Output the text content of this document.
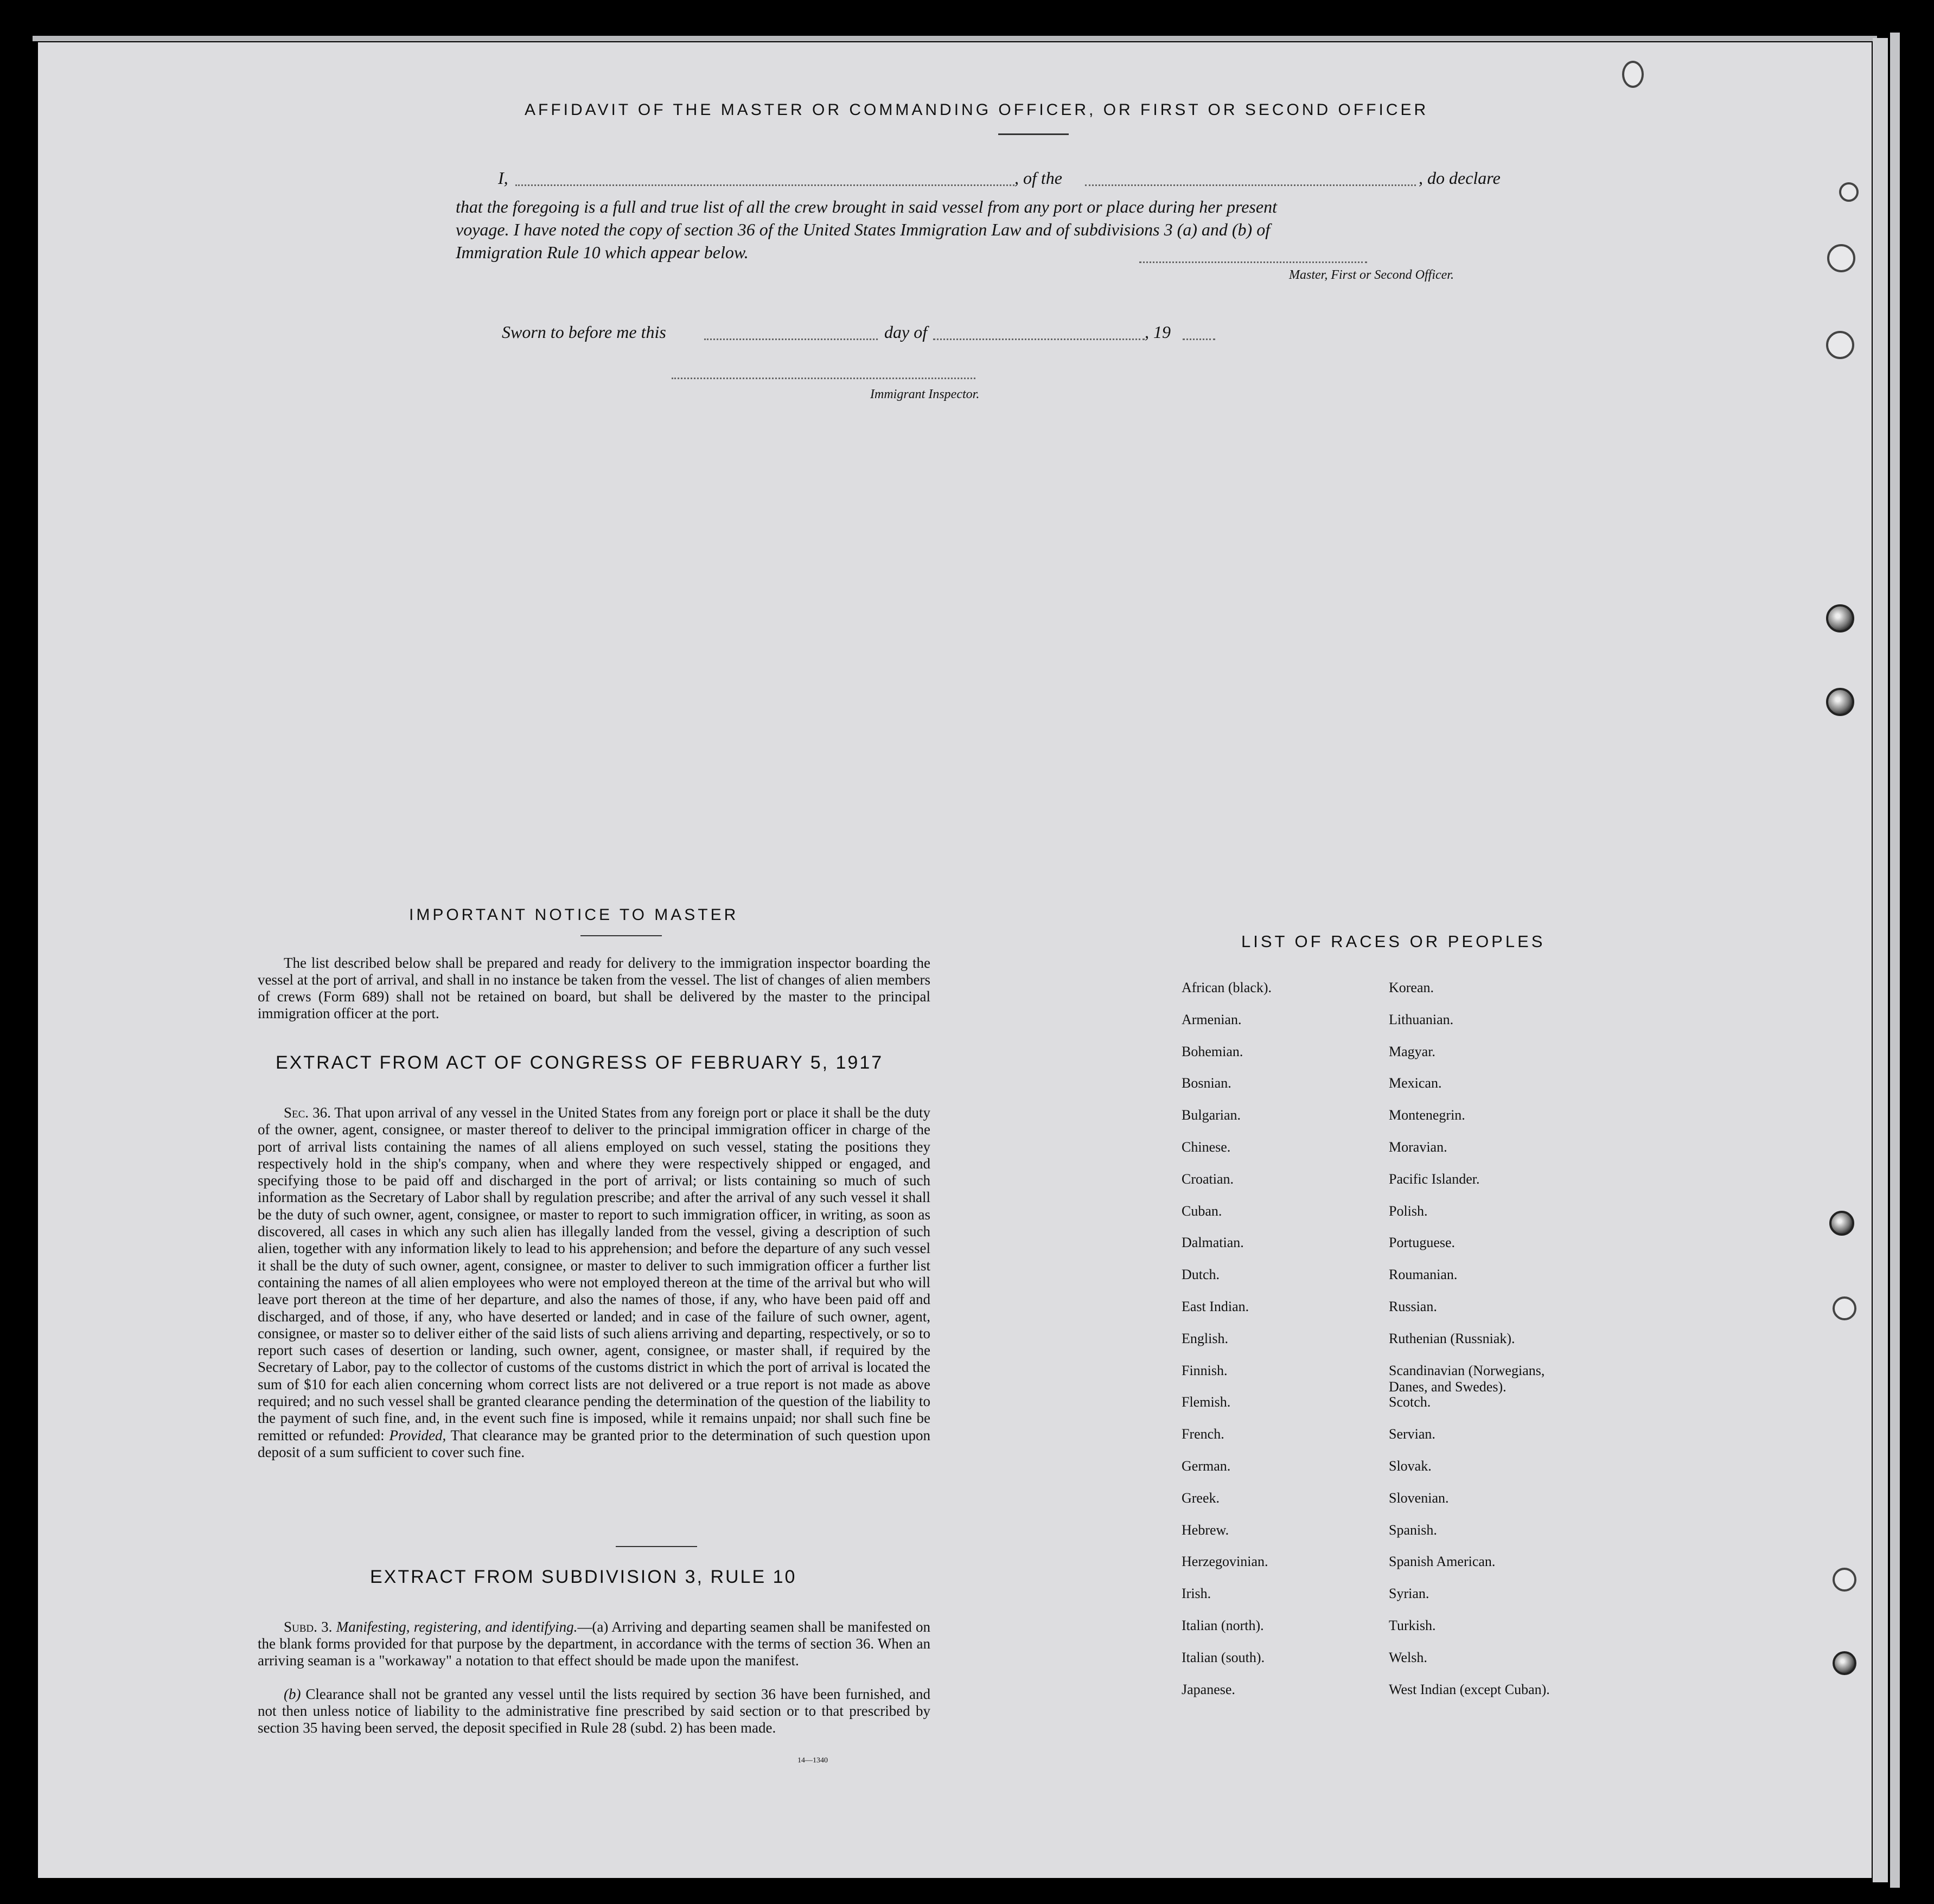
AFFIDAVIT OF THE MASTER OR COMMANDING OFFICER, OR FIRST OR SECOND OFFICER
I,	, of the	, do declare
that the foregoing is a full and true list of all the crew brought in said vessel from any port or place during her present
voyage. I have noted the copy of section 36 of the United States Immigration Law and of subdivisions 3 (a) and (b) of
Immigration Rule 10 which appear below.
Master, First or Second Officer.
Sworn to before me this	day of	, 19
Immigrant Inspector.
IMPORTANT NOTICE TO MASTER
The list described below shall be prepared and ready for delivery to the immigration inspector boarding the vessel at the port of arrival, and shall in no instance be taken from the vessel. The list of changes of alien members of crews (Form 689) shall not be retained on board, but shall be delivered by the master to the principal immigration officer at the port.
EXTRACT FROM ACT OF CONGRESS OF FEBRUARY 5, 1917
Sec. 36. That upon arrival of any vessel in the United States from any foreign port or place it shall be the duty of the owner, agent, consignee, or master thereof to deliver to the principal immigration officer in charge of the port of arrival lists containing the names of all aliens employed on such vessel, stating the positions they respectively hold in the ship's company, when and where they were respectively shipped or engaged, and specifying those to be paid off and discharged in the port of arrival; or lists containing so much of such information as the Secretary of Labor shall by regulation prescribe; and after the arrival of any such vessel it shall be the duty of such owner, agent, consignee, or master to report to such immigration officer, in writing, as soon as discovered, all cases in which any such alien has illegally landed from the vessel, giving a description of such alien, together with any information likely to lead to his apprehension; and before the departure of any such vessel it shall be the duty of such owner, agent, consignee, or master to deliver to such immigration officer a further list containing the names of all alien employees who were not employed thereon at the time of the arrival but who will leave port thereon at the time of her departure, and also the names of those, if any, who have been paid off and discharged, and of those, if any, who have deserted or landed; and in case of the failure of such owner, agent, consignee, or master so to deliver either of the said lists of such aliens arriving and departing, respectively, or so to report such cases of desertion or landing, such owner, agent, consignee, or master shall, if required by the Secretary of Labor, pay to the collector of customs of the customs district in which the port of arrival is located the sum of $10 for each alien concerning whom correct lists are not delivered or a true report is not made as above required; and no such vessel shall be granted clearance pending the determination of the question of the liability to the payment of such fine, and, in the event such fine is imposed, while it remains unpaid; nor shall such fine be remitted or refunded: Provided, That clearance may be granted prior to the determination of such question upon deposit of a sum sufficient to cover such fine.
EXTRACT FROM SUBDIVISION 3, RULE 10
Subd. 3. Manifesting, registering, and identifying.—(a) Arriving and departing seamen shall be manifested on the blank forms provided for that purpose by the department, in accordance with the terms of section 36. When an arriving seaman is a "workaway" a notation to that effect should be made upon the manifest.
(b) Clearance shall not be granted any vessel until the lists required by section 36 have been furnished, and not then unless notice of liability to the administrative fine prescribed by said section or to that prescribed by section 35 having been served, the deposit specified in Rule 28 (subd. 2) has been made.
14—1340
LIST OF RACES OR PEOPLES
African (black).
Armenian.
Bohemian.
Bosnian.
Bulgarian.
Chinese.
Croatian.
Cuban.
Dalmatian.
Dutch.
East Indian.
English.
Finnish.
Flemish.
French.
German.
Greek.
Hebrew.
Herzegovinian.
Irish.
Italian (north).
Italian (south).
Japanese.
Korean.
Lithuanian.
Magyar.
Mexican.
Montenegrin.
Moravian.
Pacific Islander.
Polish.
Portuguese.
Roumanian.
Russian.
Ruthenian (Russniak).
Scandinavian (Norwegians,
Danes, and Swedes).
Scotch.
Servian.
Slovak.
Slovenian.
Spanish.
Spanish American.
Syrian.
Turkish.
Welsh.
West Indian (except Cuban).
